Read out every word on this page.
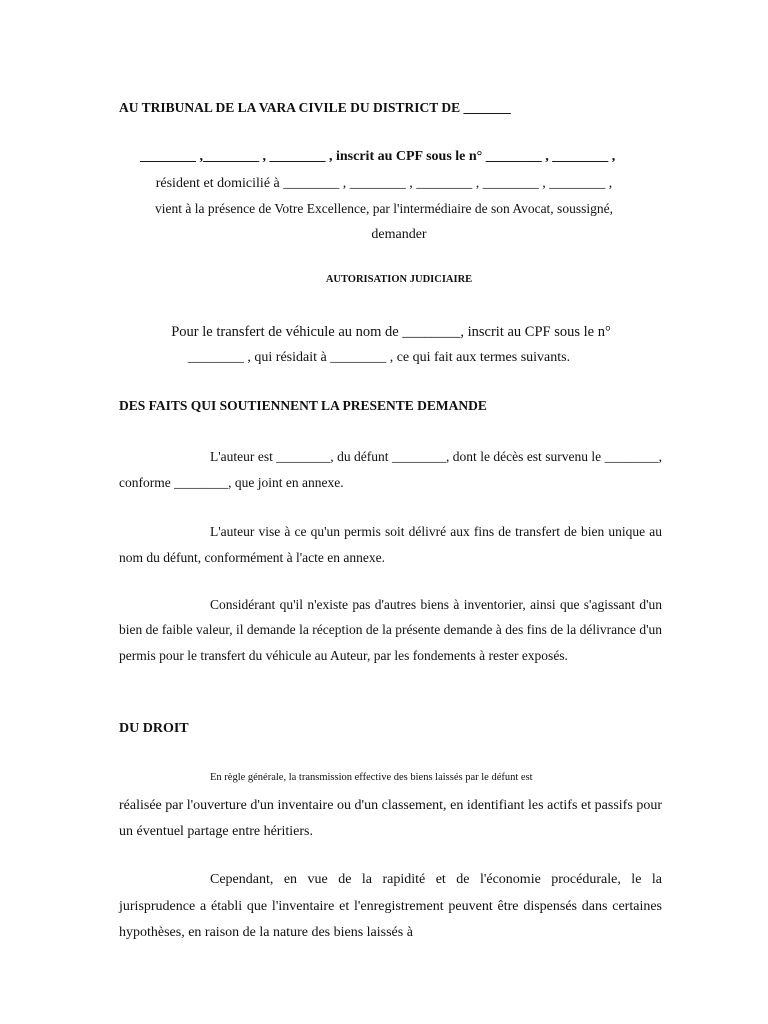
AU TRIBUNAL DE LA VARA CIVILE DU DISTRICT DE _______

________ ,________ , ________ , inscrit au CPF sous le n° ________ , ________ ,

résident et domicilié à ________ , ________ , ________ , ________ , ________ ,

vient à la présence de Votre Excellence, par l'intermédiaire de son Avocat, soussigné,

demander

AUTORISATION JUDICIAIRE

Pour le transfert de véhicule au nom de ________, inscrit au CPF sous le n°

________ , qui résidait à ________ , ce qui fait aux termes suivants.

DES FAITS QUI SOUTIENNENT LA PRESENTE DEMANDE

L'auteur est ________, du défunt ________, dont le décès est survenu le ________, conforme ________, que joint en annexe.

L'auteur vise à ce qu'un permis soit délivré aux fins de transfert de bien unique au nom du défunt, conformément à l'acte en annexe.

Considérant qu'il n'existe pas d'autres biens à inventorier, ainsi que s'agissant d'un bien de faible valeur, il demande la réception de la présente demande à des fins de la délivrance d'un permis pour le transfert du véhicule au Auteur, par les fondements à rester exposés.

DU DROIT

En règle générale, la transmission effective des biens laissés par le défunt est

réalisée par l'ouverture d'un inventaire ou d'un classement, en identifiant les actifs et passifs pour un éventuel partage entre héritiers.

Cependant, en vue de la rapidité et de l'économie procédurale, le la jurisprudence a établi que l'inventaire et l'enregistrement peuvent être dispensés dans certaines hypothèses, en raison de la nature des biens laissés à
